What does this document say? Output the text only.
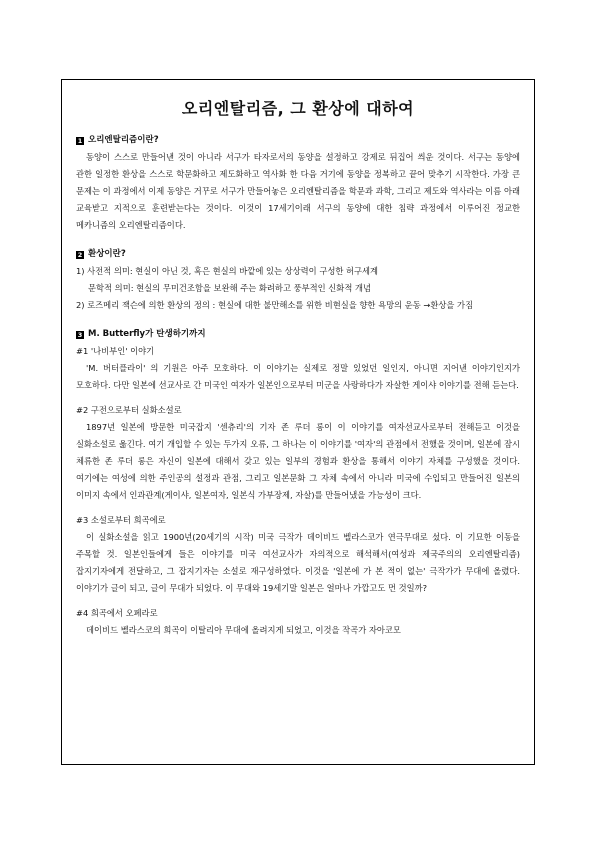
오리엔탈리즘, 그 환상에 대하여
1 오리엔탈리즘이란?
동양이 스스로 만들어낸 것이 아니라 서구가 타자로서의 동양을 설정하고 강제로 뒤집어 씌운 것이다. 서구는 동양에 관한 일정한 환상을 스스로 학문화하고 제도화하고 역사화 한 다음 거기에 동양을 정복하고 끝어 맞추기 시작한다. 가장 큰 문제는 이 과정에서 이제 동양은 거꾸로 서구가 만들어놓은 오리엔탈리즘을 학문과 과학, 그리고 제도와 역사라는 이름 아래 교육받고 지적으로 훈련받는다는 것이다. 이것이 17세기이래 서구의 동양에 대한 침략 과정에서 이루어진 정교한 메카니즘의 오리엔탈리즘이다.
2 환상이란?
1) 사전적 의미: 현실이 아닌 것, 혹은 현실의 바깥에 있는 상상력이 구성한 허구세계
문학적 의미: 현실의 무미건조함을 보완해 주는 화려하고 풍부적인 신화적 개념
2) 로즈메리 잭슨에 의한 환상의 정의 : 현실에 대한 불만해소를 위한 비현실을 향한 욕망의 운동 →환상을 가짐
3 M. Butterfly가 탄생하기까지
#1 '나비부인' 이야기
'M. 버터플라이' 의 기원은 아주 모호하다. 이 이야기는 실제로 정말 있었던 일인지, 아니면 지어낸 이야기인지가 모호하다. 다만 일본에 선교사로 간 미국인 여자가 일본인으로부터 미군을 사랑하다가 자살한 게이샤 이야기를 전해 듣는다.
#2 구전으로부터 실화소설로
1897년 일본에 방문한 미국잡지 '센츄리'의 기자 존 루더 롱이 이 이야기를 여자선교사로부터 전해듣고 이것을 실화소설로 옮긴다. 여기 개입할 수 있는 두가지 오류, 그 하나는 이 이야기를 '여자'의 관점에서 전했을 것이며, 일본에 잠시 체류한 존 루더 롱은 자신이 일본에 대해서 갖고 있는 일부의 경험과 환상을 통해서 이야기 자체를 구성했을 것이다. 여기에는 여성에 의한 주인공의 설정과 관점, 그리고 일본문화 그 자체 속에서 아니라 미국에 수입되고 만들어진 일본의 이미지 속에서 인과관계(게이샤, 일본여자, 일본식 가부장제, 자살)를 만들어냈을 가능성이 크다.
#3 소설로부터 희곡에로
이 실화소설을 읽고 1900년(20세기의 시작) 미국 극작가 데이비드 벨라스코가 연극무대로 섰다. 이 기묘한 이동을 주목할 것. 일본인들에게 들은 이야기를 미국 여선교사가 자의적으로 해석해서(여성과 제국주의의 오리엔탈리즘) 잡지기자에게 전달하고, 그 잡지기자는 소설로 재구성하였다. 이것을 '일본에 가 본 적이 없는' 극작가가 무대에 올렸다. 이야기가 글이 되고, 글이 무대가 되었다. 이 무대와 19세기말 일본은 얼마나 가깝고도 먼 것일까?
#4 희곡에서 오페라로
데이비드 벨라스코의 희곡이 이탈리아 무대에 올려지게 되었고, 이것을 작곡가 자아코모
